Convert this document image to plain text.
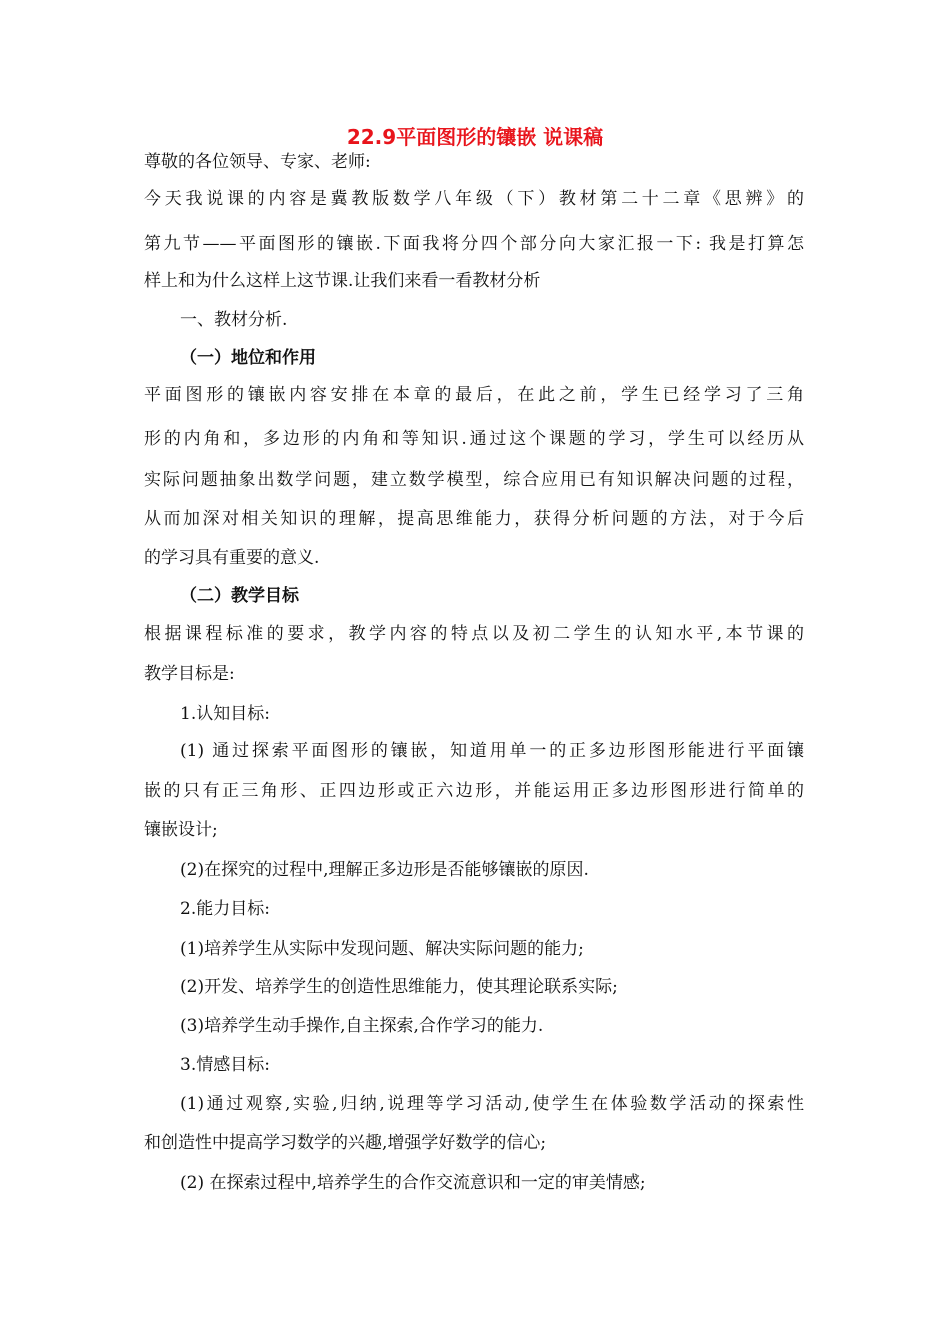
22.9平面图形的镶嵌 说课稿
尊敬的各位领导、专家、老师:
今天我说课的内容是冀教版数学八年级（下）教材第二十二章《思辨》的
第九节——平面图形的镶嵌.下面我将分四个部分向大家汇报一下: 我是打算怎
样上和为什么这样上这节课.让我们来看一看教材分析
一、教材分析.
（一）地位和作用
平面图形的镶嵌内容安排在本章的最后，在此之前，学生已经学习了三角
形的内角和，多边形的内角和等知识.通过这个课题的学习，学生可以经历从
实际问题抽象出数学问题，建立数学模型，综合应用已有知识解决问题的过程，
从而加深对相关知识的理解，提高思维能力，获得分析问题的方法，对于今后
的学习具有重要的意义.
（二）教学目标
根据课程标准的要求，教学内容的特点以及初二学生的认知水平,本节课的
教学目标是:
1.认知目标:
(1) 通过探索平面图形的镶嵌，知道用单一的正多边形图形能进行平面镶
嵌的只有正三角形、正四边形或正六边形，并能运用正多边形图形进行简单的
镶嵌设计;
(2)在探究的过程中,理解正多边形是否能够镶嵌的原因.
2.能力目标:
(1)培养学生从实际中发现问题、解决实际问题的能力;
(2)开发、培养学生的创造性思维能力，使其理论联系实际;
(3)培养学生动手操作,自主探索,合作学习的能力.
3.情感目标:
(1)通过观察,实验,归纳,说理等学习活动,使学生在体验数学活动的探索性
和创造性中提高学习数学的兴趣,增强学好数学的信心;
(2) 在探索过程中,培养学生的合作交流意识和一定的审美情感;
